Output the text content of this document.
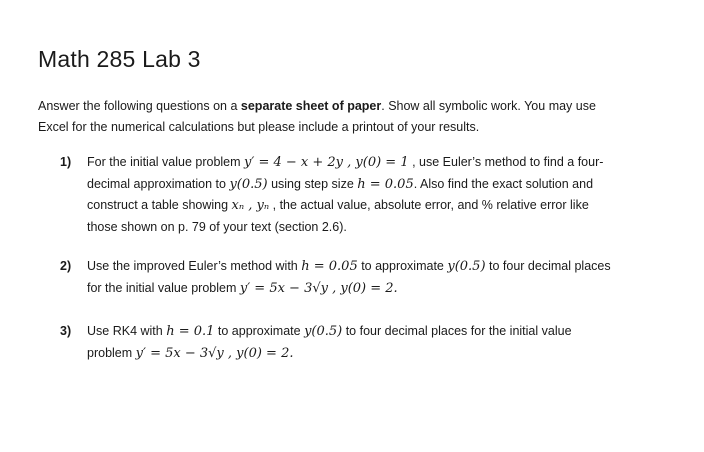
Math 285 Lab 3

Answer the following questions on a separate sheet of paper. Show all symbolic work. You may use
Excel for the numerical calculations but please include a printout of your results.

1) For the initial value problem y′ = 4 − x + 2y , y(0) = 1 , use Euler’s method to find a four-
decimal approximation to y(0.5) using step size h = 0.05. Also find the exact solution and
construct a table showing xₙ , yₙ , the actual value, absolute error, and % relative error like
those shown on p. 79 of your text (section 2.6).
2) Use the improved Euler’s method with h = 0.05 to approximate y(0.5) to four decimal places
for the initial value problem y′ = 5x − 3√y , y(0) = 2.
3) Use RK4 with h = 0.1 to approximate y(0.5) to four decimal places for the initial value
problem y′ = 5x − 3√y , y(0) = 2.
